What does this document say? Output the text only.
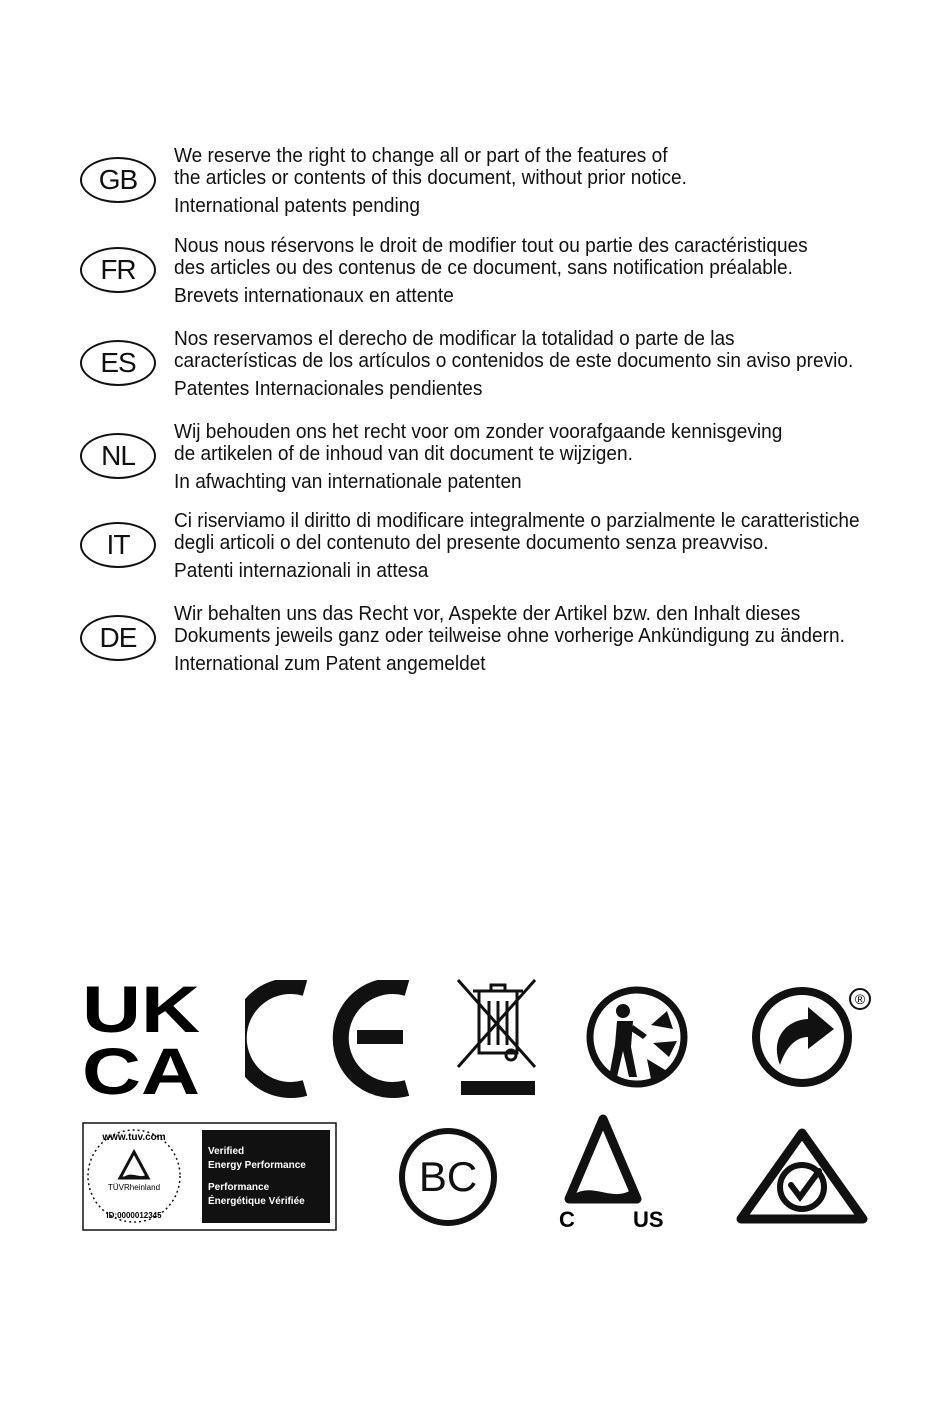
GB
We reserve the right to change all or part of the features of
the articles or contents of this document, without prior notice.
International patents pending
FR
Nous nous réservons le droit de modifier tout ou partie des caractéristiques
des articles ou des contenus de ce document, sans notification préalable.
Brevets internationaux en attente
ES
Nos reservamos el derecho de modificar la totalidad o parte de las
características de los artículos o contenidos de este documento sin aviso previo.
Patentes Internacionales pendientes
NL
Wij behouden ons het recht voor om zonder voorafgaande kennisgeving
de artikelen of de inhoud van dit document te wijzigen.
In afwachting van internationale patenten
IT
Ci riserviamo il diritto di modificare integralmente o parzialmente le caratteristiche
degli articoli o del contenuto del presente documento senza preavviso.
Patenti internazionali in attesa
DE
Wir behalten uns das Recht vor, Aspekte der Artikel bzw. den Inhalt dieses
Dokuments jeweils ganz oder teilweise ohne vorherige Ankündigung zu ändern.
International zum Patent angemeldet
UK
CA
®
www.tuv.com
TÜVRheinland
ID:0000012345
Verified
Energy Performance
Performance
Énergétique Vérifiée
BC
C	US
